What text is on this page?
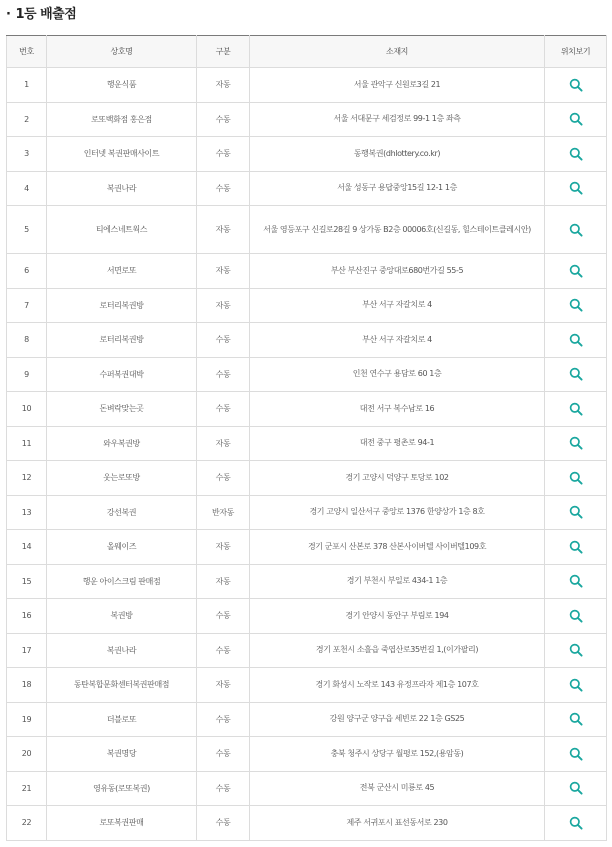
· 1등 배출점
번호	상호명	구분	소재지	위치보기
1	행운식품	자동	서울 관악구 신원로3길 21	

2	로또백화점 홍은점	수동	서울 서대문구 세검정로 99-1 1층 좌측	

3	인터넷 복권판매사이트	수동	동행복권(dhlottery.co.kr)	

4	복권나라	수동	서울 성동구 용답중앙15길 12-1 1층	

5	티에스네트웍스	자동	서울 영등포구 신길로28길 9 상가동 B2층 00006호(신길동, 힐스테이트클레시안)	

6	서면로또	자동	부산 부산진구 중앙대로680번가길 55-5	

7	로터리복권방	자동	부산 서구 자갈치로 4	

8	로터리복권방	수동	부산 서구 자갈치로 4	

9	수퍼복권대박	수동	인천 연수구 용담로 60 1층	

10	돈벼락맞는곳	수동	대전 서구 복수남로 16	

11	와우복권방	자동	대전 중구 평촌로 94-1	

12	웃는로또방	수동	경기 고양시 덕양구 토당로 102	

13	강선복권	반자동	경기 고양시 일산서구 중앙로 1376 한양상가 1층 8호	

14	올웨이즈	자동	경기 군포시 산본로 378 산본사이버텔 사이버텔109호	

15	행운 아이스크림 판매점	자동	경기 부천시 부일로 434-1 1층	

16	복권방	수동	경기 안양시 동안구 부림로 194	

17	복권나라	수동	경기 포천시 소흘읍 죽엽산로35번길 1,(이가팔리)	

18	동탄복합문화센터복권판매점	자동	경기 화성시 노작로 143 유정프라자 제1층 107호	

19	더블로또	수동	강원 양구군 양구읍 세빈로 22 1층 GS25	

20	복권명당	수동	충북 청주시 상당구 월평로 152,(용암동)	

21	영유동(로또복권)	수동	전북 군산시 미룡로 45	

22	로또복권판매	수동	제주 서귀포시 표선동서로 230	
